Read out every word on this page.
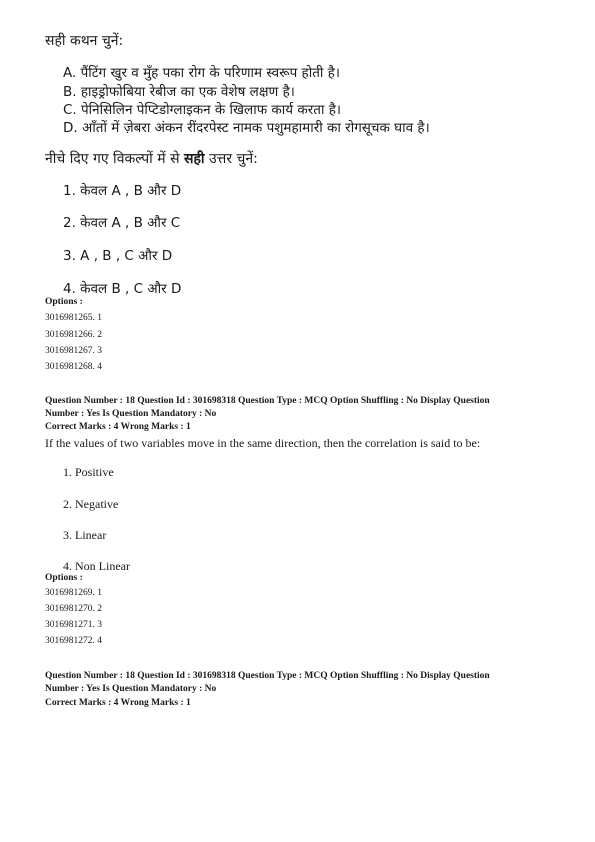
सही कथन चुनें:
A. पैंटिंग खुर व मुँह पका रोग के परिणाम स्वरूप होती है।
B. हाइड्रोफोबिया रेबीज का एक वेशेष लक्षण है।
C. पेनिसिलिन पेप्टिडोग्लाइकन के खिलाफ कार्य करता है।
D. आँतों में ज़ेबरा अंकन रींदरपेस्ट नामक पशुमहामारी का रोगसूचक घाव है।
नीचे दिए गए विकल्पों में से सही उत्तर चुनें:
1. केवल A , B और D
2. केवल A , B और C
3. A , B , C और D
4. केवल B , C और D
Options :
3016981265. 1
3016981266. 2
3016981267. 3
3016981268. 4
Question Number : 18 Question Id : 301698318 Question Type : MCQ Option Shuffling : No Display Question
Number : Yes Is Question Mandatory : No
Correct Marks : 4 Wrong Marks : 1
If the values of two variables move in the same direction, then the correlation is said to be:
1. Positive
2. Negative
3. Linear
4. Non Linear
Options :
3016981269. 1
3016981270. 2
3016981271. 3
3016981272. 4
Question Number : 18 Question Id : 301698318 Question Type : MCQ Option Shuffling : No Display Question
Number : Yes Is Question Mandatory : No
Correct Marks : 4 Wrong Marks : 1
